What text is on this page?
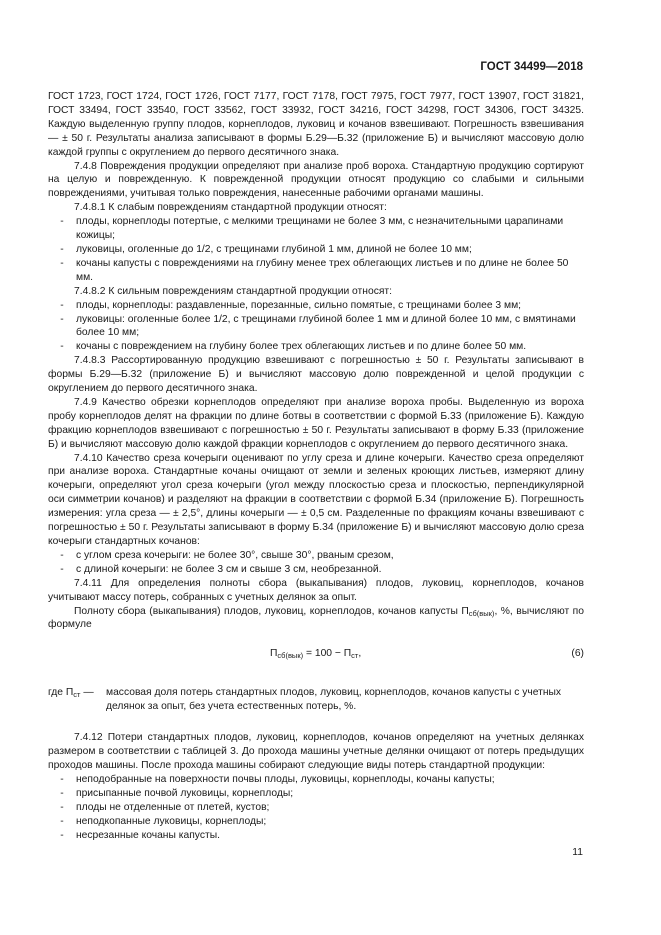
ГОСТ 34499—2018

ГОСТ 1723, ГОСТ 1724, ГОСТ 1726, ГОСТ 7177, ГОСТ 7178, ГОСТ 7975, ГОСТ 7977, ГОСТ 13907, ГОСТ 31821, ГОСТ 33494, ГОСТ 33540, ГОСТ 33562, ГОСТ 33932, ГОСТ 34216, ГОСТ 34298, ГОСТ 34306, ГОСТ 34325. Каждую выделенную группу плодов, корнеплодов, луковиц и кочанов взвешивают. Погрешность взвешивания — ± 50 г. Результаты анализа записывают в формы Б.29—Б.32 (приложение Б) и вычисляют массовую долю каждой группы с округлением до первого десятичного знака.

7.4.8 Повреждения продукции определяют при анализе проб вороха. Стандартную продукцию сортируют на целую и поврежденную. К поврежденной продукции относят продукцию со слабыми и сильными повреждениями, учитывая только повреждения, нанесенные рабочими органами машины.

7.4.8.1 К слабым повреждениям стандартной продукции относят:

-	плоды, корнеплоды потертые, с мелкими трещинами не более 3 мм, с незначительными царапинами кожицы;
-	луковицы, оголенные до 1/2, с трещинами глубиной 1 мм, длиной не более 10 мм;
-	кочаны капусты с повреждениями на глубину менее трех облегающих листьев и по длине не более 50 мм.

7.4.8.2 К сильным повреждениям стандартной продукции относят:

-	плоды, корнеплоды: раздавленные, порезанные, сильно помятые, с трещинами более 3 мм;
-	луковицы: оголенные более 1/2, с трещинами глубиной более 1 мм и длиной более 10 мм, с вмятинами более 10 мм;
-	кочаны с повреждением на глубину более трех облегающих листьев и по длине более 50 мм.

7.4.8.3 Рассортированную продукцию взвешивают с погрешностью ± 50 г. Результаты записывают в формы Б.29—Б.32 (приложение Б) и вычисляют массовую долю поврежденной и целой продукции с округлением до первого десятичного знака.

7.4.9 Качество обрезки корнеплодов определяют при анализе вороха пробы. Выделенную из вороха пробу корнеплодов делят на фракции по длине ботвы в соответствии с формой Б.33 (приложение Б). Каждую фракцию корнеплодов взвешивают с погрешностью ± 50 г. Результаты записывают в форму Б.33 (приложение Б) и вычисляют массовую долю каждой фракции корнеплодов с округлением до первого десятичного знака.

7.4.10 Качество среза кочерыги оценивают по углу среза и длине кочерыги. Качество среза определяют при анализе вороха. Стандартные кочаны очищают от земли и зеленых кроющих листьев, измеряют длину кочерыги, определяют угол среза кочерыги (угол между плоскостью среза и плоскостью, перпендикулярной оси симметрии кочанов) и разделяют на фракции в соответствии с формой Б.34 (приложение Б). Погрешность измерения: угла среза — ± 2,5°, длины кочерыги — ± 0,5 см. Разделенные по фракциям кочаны взвешивают с погрешностью ± 50 г. Результаты записывают в форму Б.34 (приложение Б) и вычисляют массовую долю среза кочерыги стандартных кочанов:

-	с углом среза кочерыги: не более 30°, свыше 30°, рваным срезом,
-	с длиной кочерыги: не более 3 см и свыше 3 см, необрезанной.

7.4.11 Для определения полноты сбора (выкапывания) плодов, луковиц, корнеплодов, кочанов учитывают массу потерь, собранных с учетных делянок за опыт.

Полноту сбора (выкапывания) плодов, луковиц, корнеплодов, кочанов капусты $П_{сб(вык)}$, %, вычисляют по формуле

$П_{сб(вык)} = 100 - П_{ст}$,	(6)
где $П_{ст}$ —	массовая доля потерь стандартных плодов, луковиц, корнеплодов, кочанов капусты с учетных делянок за опыт, без учета естественных потерь, %.

7.4.12 Потери стандартных плодов, луковиц, корнеплодов, кочанов определяют на учетных делянках размером в соответствии с таблицей 3. До прохода машины учетные делянки очищают от потерь предыдущих проходов машины. После прохода машины собирают следующие виды потерь стандартной продукции:

-	неподобранные на поверхности почвы плоды, луковицы, корнеплоды, кочаны капусты;
-	присыпанные почвой луковицы, корнеплоды;
-	плоды не отделенные от плетей, кустов;
-	неподкопанные луковицы, корнеплоды;
-	несрезанные кочаны капусты.
11
